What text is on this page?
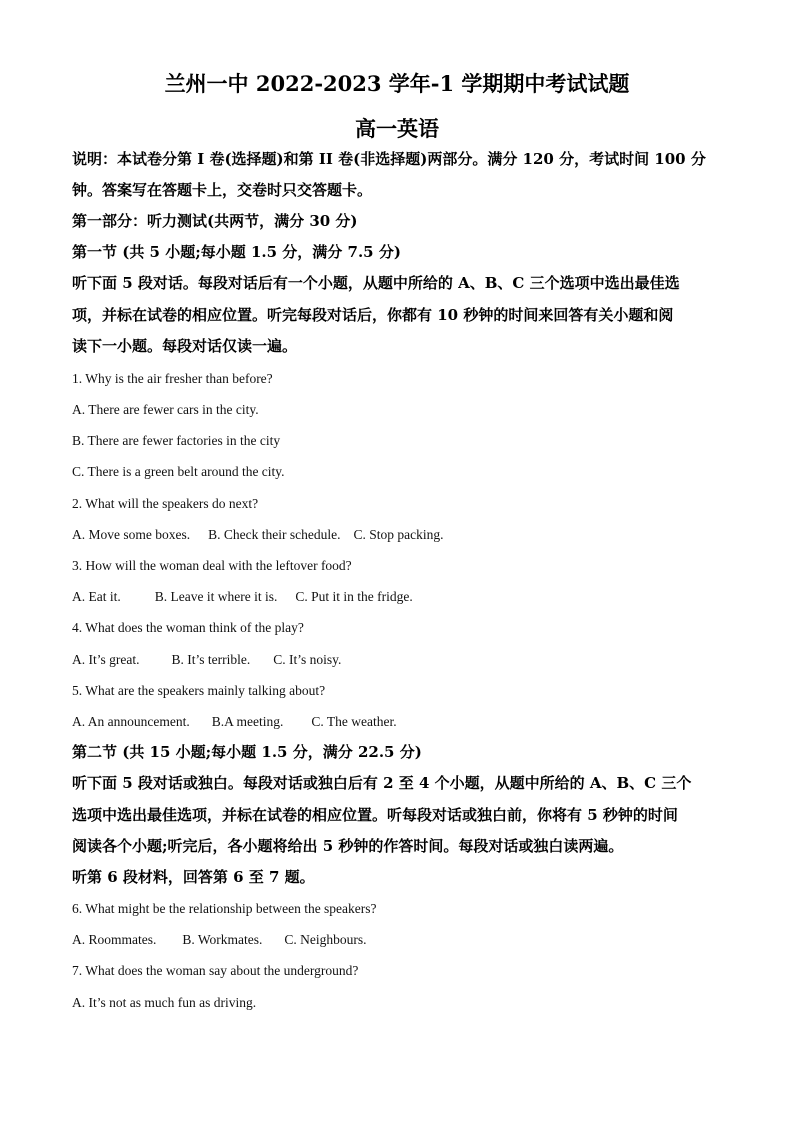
兰州一中 2022-2023 学年-1 学期期中考试试题
高一英语
说明：本试卷分第 I 卷(选择题)和第 II 卷(非选择题)两部分。满分 120 分，考试时间 100 分
钟。答案写在答题卡上，交卷时只交答题卡。
第一部分：听力测试(共两节，满分 30 分)
第一节 (共 5 小题;每小题 1.5 分，满分 7.5 分)
听下面 5 段对话。每段对话后有一个小题，从题中所给的 A、B、C 三个选项中选出最佳选
项，并标在试卷的相应位置。听完每段对话后，你都有 10 秒钟的时间来回答有关小题和阅
读下一小题。每段对话仅读一遍。
1. Why is the air fresher than before?
A. There are fewer cars in the city.
B. There are fewer factories in the city
C. There is a green belt around the city.
2. What will the speakers do next?
A. Move some boxes. B. Check their schedule. C. Stop packing.
3. How will the woman deal with the leftover food?
A. Eat it.	B. Leave it where it is. C. Put it in the fridge.
4. What does the woman think of the play?
A. It’s great. B. It’s terrible. C. It’s noisy.
5. What are the speakers mainly talking about?
A. An announcement. B.A meeting. C. The weather.
第二节 (共 15 小题;每小题 1.5 分，满分 22.5 分)
听下面 5 段对话或独白。每段对话或独白后有 2 至 4 个小题，从题中所给的 A、B、C 三个
选项中选出最佳选项，并标在试卷的相应位置。听每段对话或独白前，你将有 5 秒钟的时间
阅读各个小题;听完后，各小题将给出 5 秒钟的作答时间。每段对话或独白读两遍。
听第 6 段材料，回答第 6 至 7 题。
6. What might be the relationship between the speakers?
A. Roommates. B. Workmates. C. Neighbours.
7. What does the woman say about the underground?
A. It’s not as much fun as driving.
